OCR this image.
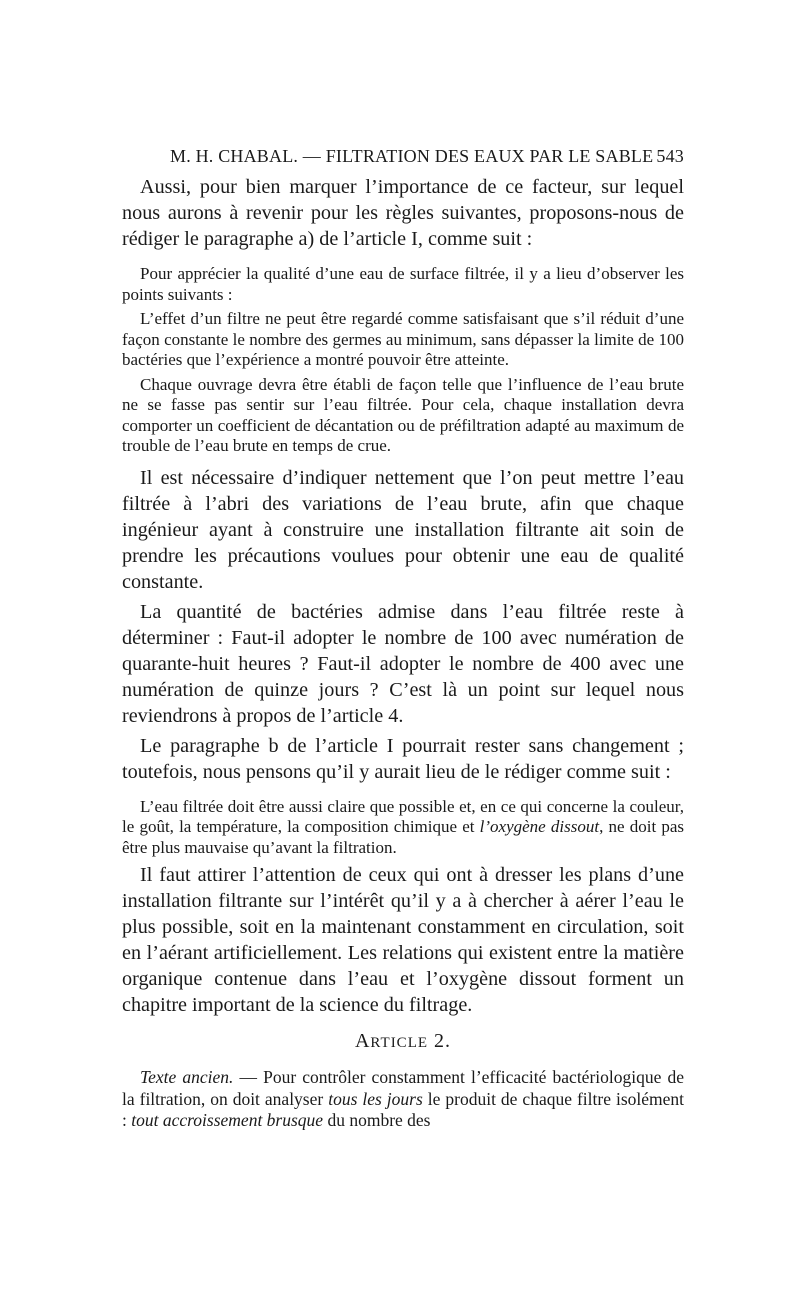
M. H. CHABAL. — FILTRATION DES EAUX PAR LE SABLE 543

Aussi, pour bien marquer l’importance de ce facteur, sur lequel nous aurons à revenir pour les règles suivantes, proposons-nous de rédiger le paragraphe a) de l’article I, comme suit :

Pour apprécier la qualité d’une eau de surface filtrée, il y a lieu d’observer les points suivants :

L’effet d’un filtre ne peut être regardé comme satisfaisant que s’il réduit d’une façon constante le nombre des germes au minimum, sans dépasser la limite de 100 bactéries que l’expérience a montré pouvoir être atteinte.

Chaque ouvrage devra être établi de façon telle que l’influence de l’eau brute ne se fasse pas sentir sur l’eau filtrée. Pour cela, chaque installation devra comporter un coefficient de décantation ou de préfiltration adapté au maximum de trouble de l’eau brute en temps de crue.

Il est nécessaire d’indiquer nettement que l’on peut mettre l’eau filtrée à l’abri des variations de l’eau brute, afin que chaque ingénieur ayant à construire une installation filtrante ait soin de prendre les précautions voulues pour obtenir une eau de qualité constante.

La quantité de bactéries admise dans l’eau filtrée reste à déterminer : Faut-il adopter le nombre de 100 avec numération de quarante-huit heures ? Faut-il adopter le nombre de 400 avec une numération de quinze jours ? C’est là un point sur lequel nous reviendrons à propos de l’article 4.

Le paragraphe b de l’article I pourrait rester sans changement ; toutefois, nous pensons qu’il y aurait lieu de le rédiger comme suit :

L’eau filtrée doit être aussi claire que possible et, en ce qui concerne la couleur, le goût, la température, la composition chimique et l’oxygène dissout, ne doit pas être plus mauvaise qu’avant la filtration.

Il faut attirer l’attention de ceux qui ont à dresser les plans d’une installation filtrante sur l’intérêt qu’il y a à chercher à aérer l’eau le plus possible, soit en la maintenant constamment en circulation, soit en l’aérant artificiellement. Les relations qui existent entre la matière organique contenue dans l’eau et l’oxygène dissout forment un chapitre important de la science du filtrage.

ARTICLE 2.

Texte ancien. — Pour contrôler constamment l’efficacité bactériologique de la filtration, on doit analyser tous les jours le produit de chaque filtre isolément : tout accroissement brusque du nombre des
